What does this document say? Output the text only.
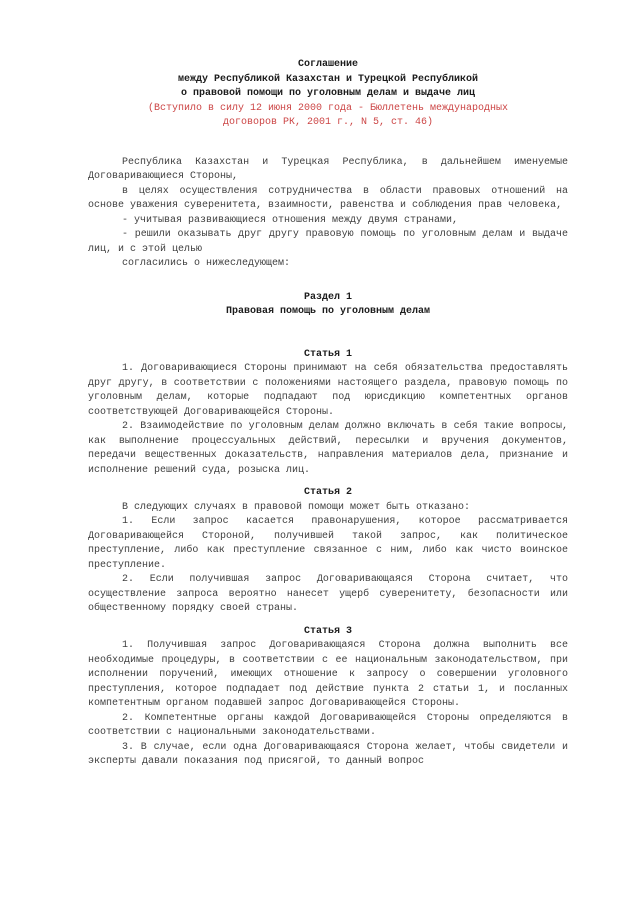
Соглашение
между Республикой Казахстан и Турецкой Республикой
о правовой помощи по уголовным делам и выдаче лиц
(Вступило в силу 12 июня 2000 года - Бюллетень международных
договоров РК, 2001 г., N 5, ст. 46)

Республика Казахстан и Турецкая Республика, в дальнейшем именуемые Договаривающиеся Стороны,

в целях осуществления сотрудничества в области правовых отношений на основе уважения суверенитета, взаимности, равенства и соблюдения прав человека,

- учитывая развивающиеся отношения между двумя странами,

- решили оказывать друг другу правовую помощь по уголовным делам и выдаче лиц, и с этой целью

согласились о нижеследующем:

Раздел 1
Правовая помощь по уголовным делам
Статья 1

1. Договаривающиеся Стороны принимают на себя обязательства предоставлять друг другу, в соответствии с положениями настоящего раздела, правовую помощь по уголовным делам, которые подпадают под юрисдикцию компетентных органов соответствующей Договаривающейся Стороны.

2. Взаимодействие по уголовным делам должно включать в себя такие вопросы, как выполнение процессуальных действий, пересылки и вручения документов, передачи вещественных доказательств, направления материалов дела, признание и исполнение решений суда, розыска лиц.

Статья 2

В следующих случаях в правовой помощи может быть отказано:

1. Если запрос касается правонарушения, которое рассматривается Договаривающейся Стороной, получившей такой запрос, как политическое преступление, либо как преступление связанное с ним, либо как чисто воинское преступление.

2. Если получившая запрос Договаривающаяся Сторона считает, что осуществление запроса вероятно нанесет ущерб суверенитету, безопасности или общественному порядку своей страны.

Статья 3

1. Получившая запрос Договаривающаяся Сторона должна выполнить все необходимые процедуры, в соответствии с ее национальным законодательством, при исполнении поручений, имеющих отношение к запросу о совершении уголовного преступления, которое подпадает под действие пункта 2 статьи 1, и посланных компетентным органом подавшей запрос Договаривающейся Стороны.

2. Компетентные органы каждой Договаривающейся Стороны определяются в соответствии с национальными законодательствами.

3. В случае, если одна Договаривающаяся Сторона желает, чтобы свидетели и эксперты давали показания под присягой, то данный вопрос
